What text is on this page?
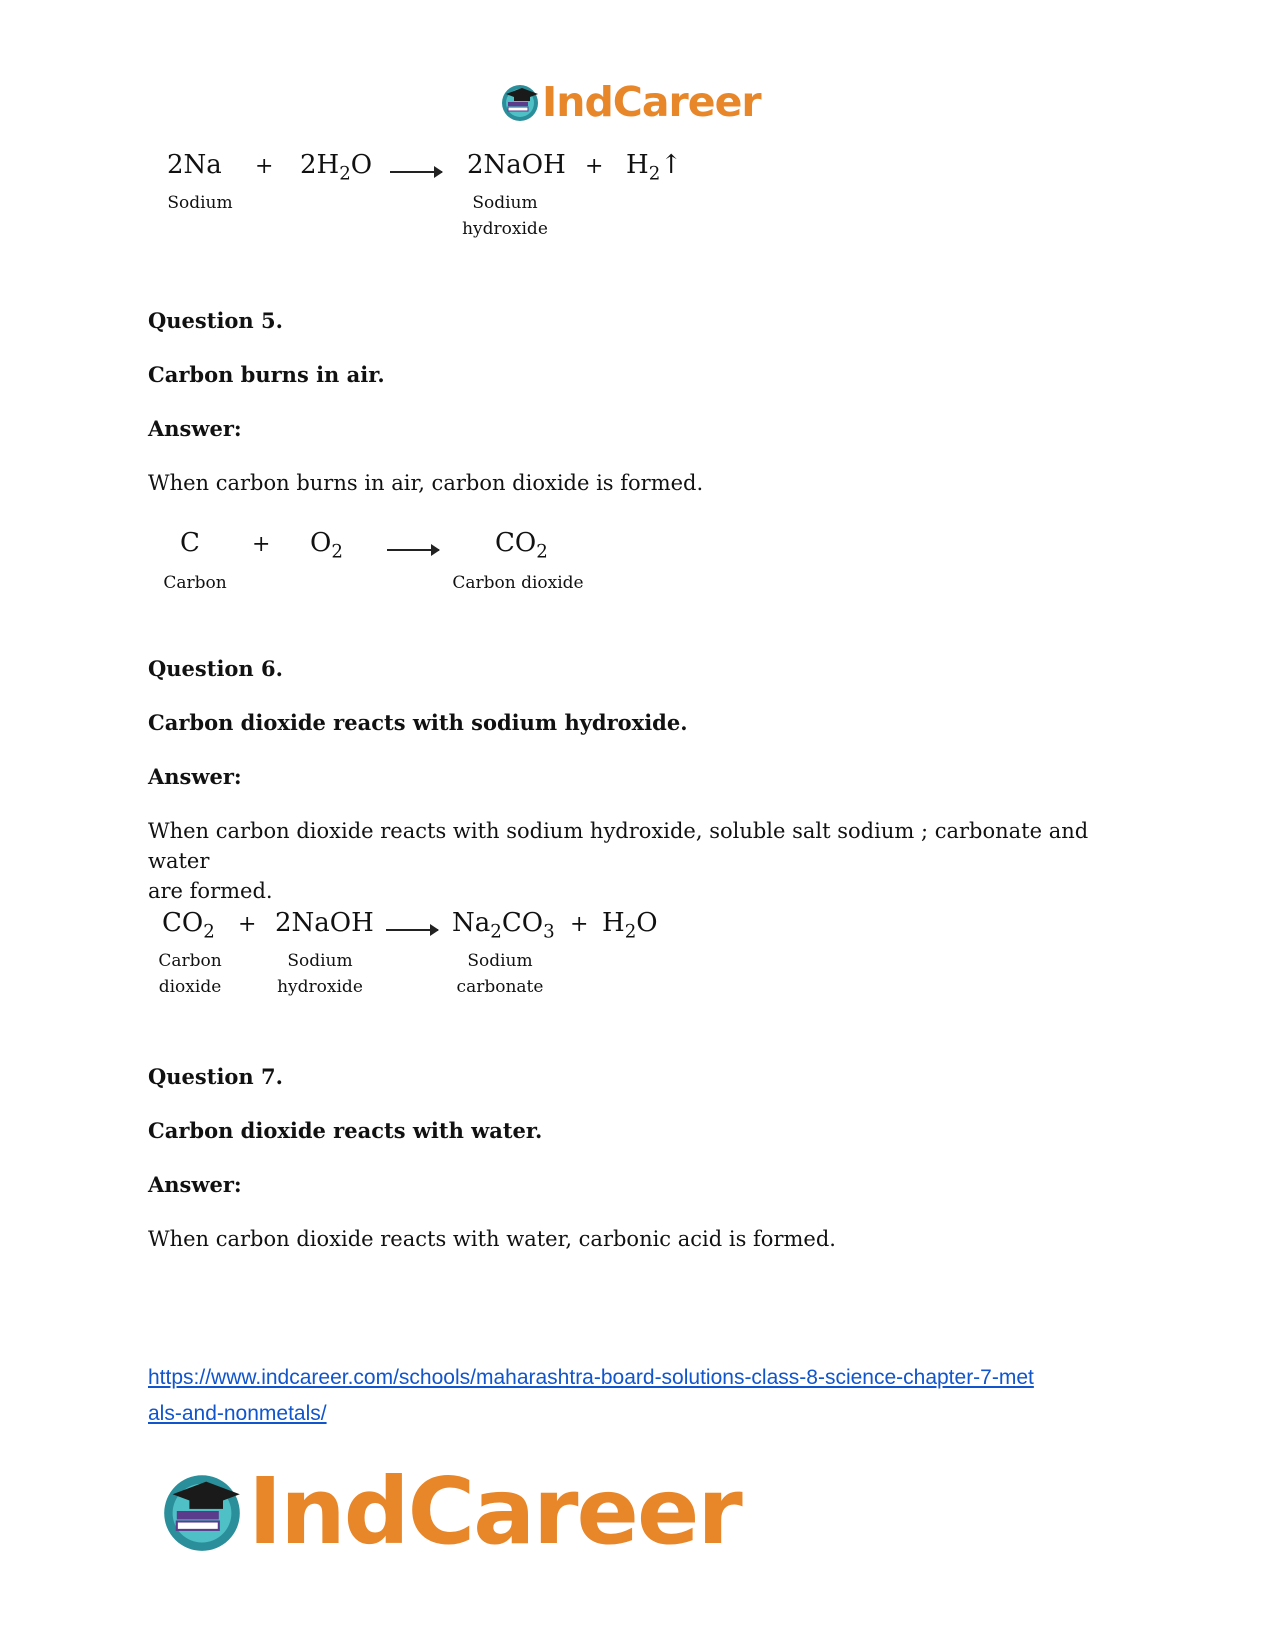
IndCareer
$2Na + 2H_2O$ → 2NaOH + $H_2↑$
Sodium	Sodium
hydroxide
Question 5.
Carbon burns in air.
Answer:
When carbon burns in air, carbon dioxide is formed.
$C + O_2$	$CO_2$
Carbon	Carbon dioxide
Question 6.
Carbon dioxide reacts with sodium hydroxide.
Answer:
When carbon dioxide reacts with sodium hydroxide, soluble salt sodium ; carbonate and water
are formed.
$CO_2$ + 2NaOH → $Na_2CO_3 + H_2O$
Carbon
dioxide
Sodium
hydroxide
Sodium
carbonate
Question 7.
Carbon dioxide reacts with water.
Answer:
When carbon dioxide reacts with water, carbonic acid is formed.
https://www.indcareer.com/schools/maharashtra-board-solutions-class-8-science-chapter-7-met
als-and-nonmetals/
IndCareer
